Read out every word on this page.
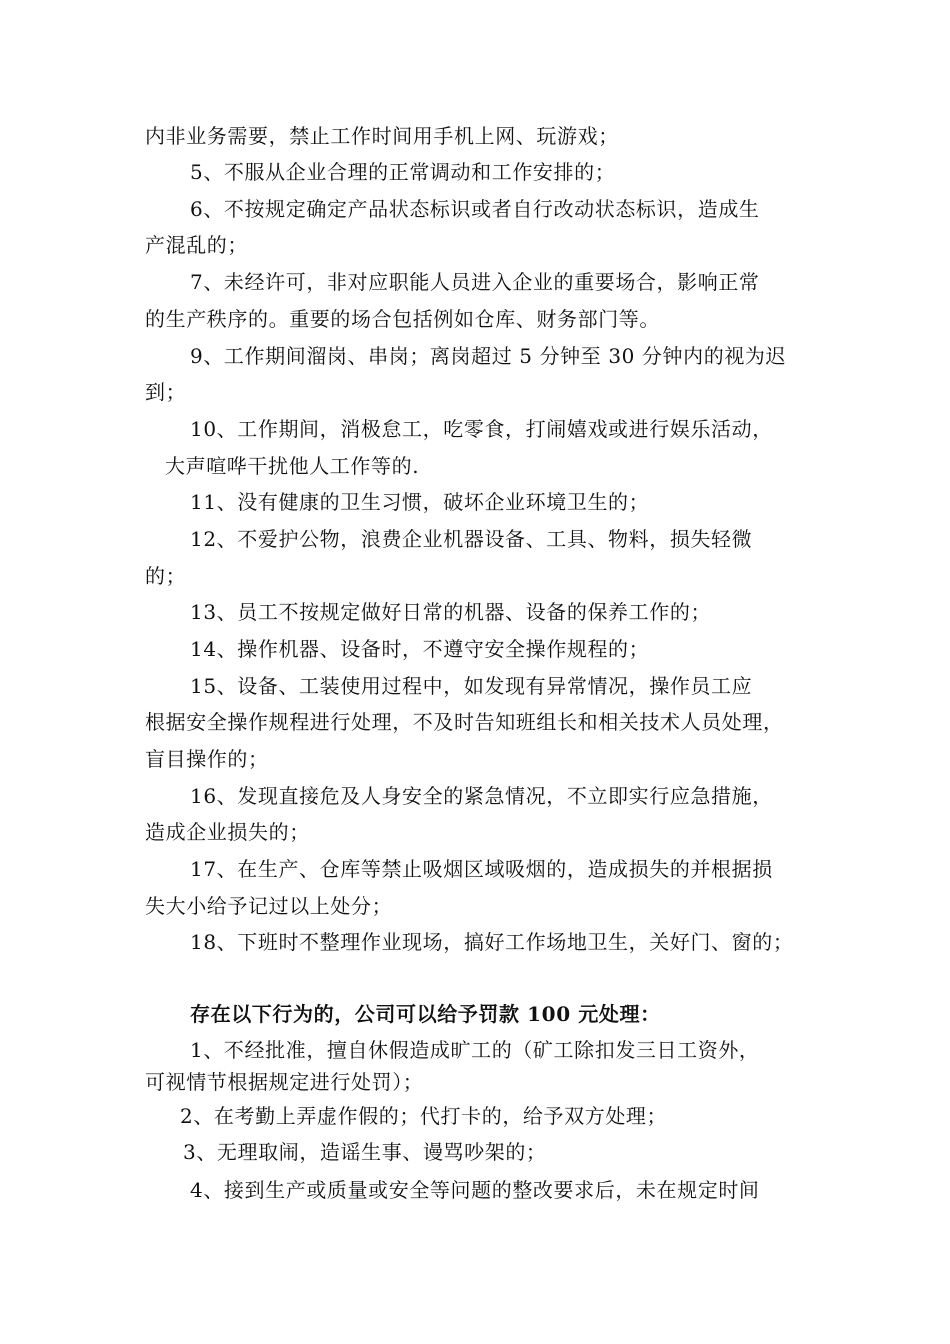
内非业务需要，禁止工作时间用手机上网、玩游戏；
5、不服从企业合理的正常调动和工作安排的；
6、不按规定确定产品状态标识或者自行改动状态标识，造成生
产混乱的；
7、未经许可，非对应职能人员进入企业的重要场合，影响正常
的生产秩序的。重要的场合包括例如仓库、财务部门等。
9、工作期间溜岗、串岗；离岗超过 5 分钟至 30 分钟内的视为迟
到；
10、工作期间，消极怠工，吃零食，打闹嬉戏或进行娱乐活动，
大声喧哗干扰他人工作等的.
11、没有健康的卫生习惯，破坏企业环境卫生的；
12、不爱护公物，浪费企业机器设备、工具、物料，损失轻微
的；
13、员工不按规定做好日常的机器、设备的保养工作的；
14、操作机器、设备时，不遵守安全操作规程的；
15、设备、工装使用过程中，如发现有异常情况，操作员工应
根据安全操作规程进行处理，不及时告知班组长和相关技术人员处理，
盲目操作的；
16、发现直接危及人身安全的紧急情况，不立即实行应急措施，
造成企业损失的；
17、在生产、仓库等禁止吸烟区域吸烟的，造成损失的并根据损
失大小给予记过以上处分；
18、下班时不整理作业现场，搞好工作场地卫生，关好门、窗的；
存在以下行为的，公司可以给予罚款 100 元处理：
1、不经批准，擅自休假造成旷工的（矿工除扣发三日工资外，
可视情节根据规定进行处罚）；
2、在考勤上弄虚作假的；代打卡的，给予双方处理；
3、无理取闹，造谣生事、谩骂吵架的；
4、接到生产或质量或安全等问题的整改要求后，未在规定时间
